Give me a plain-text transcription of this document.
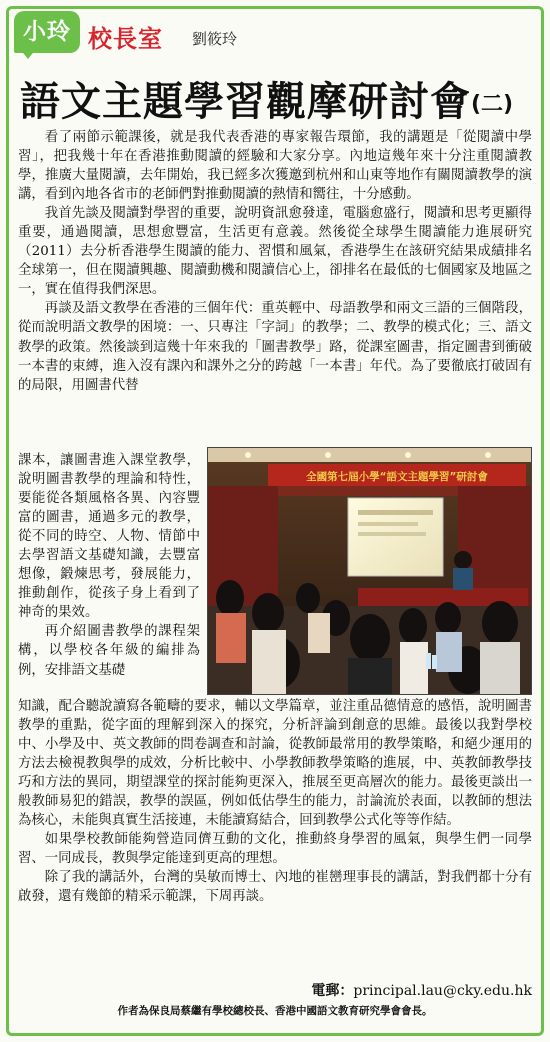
小玲 校長室 劉筱玲
語文主題學習觀摩研討會(二)

看了兩節示範課後，就是我代表香港的專家報告環節，我的講題是「從閱讀中學習」，把我幾十年在香港推動閱讀的經驗和大家分享。內地這幾年來十分注重閱讀教學，推廣大量閱讀，去年開始，我已經多次獲邀到杭州和山東等地作有關閱讀教學的演講，看到內地各省市的老師們對推動閱讀的熱情和嚮往，十分感動。

我首先談及閱讀對學習的重要，說明資訊愈發達，電腦愈盛行，閱讀和思考更顯得重要，通過閱讀，思想愈豐富，生活更有意義。然後從全球學生閱讀能力進展研究（2011）去分析香港學生閱讀的能力、習慣和風氣，香港學生在該研究結果成績排名全球第一，但在閱讀興趣、閱讀動機和閱讀信心上，卻排名在最低的七個國家及地區之一，實在值得我們深思。

再談及語文教學在香港的三個年代：重英輕中、母語教學和兩文三語的三個階段，從而說明語文教學的困境：一、只專注「字詞」的教學；二、教學的模式化；三、語文教學的政策。然後談到這幾十年來我的「圖書教學」路，從課室圖書，指定圖書到衝破一本書的束縛，進入沒有課內和課外之分的跨越「一本書」年代。為了要徹底打破固有的局限，用圖書代替

課本，讓圖書進入課堂教學，說明圖書教學的理論和特性，要能從各類風格各異、內容豐富的圖書，通過多元的教學，從不同的時空、人物、情節中去學習語文基礎知識，去豐富想像，鍛煉思考，發展能力，推動創作，從孩子身上看到了神奇的果效。

再介紹圖書教學的課程架構，以學校各年級的編排為例，安排語文基礎

全國第七屆小學“語文主題學習”研討會

知識，配合聽說讀寫各範疇的要求，輔以文學篇章，並注重品德情意的感悟，說明圖書教學的重點，從字面的理解到深入的探究，分析評論到創意的思維。最後以我對學校中、小學及中、英文教師的問卷調查和討論，從教師最常用的教學策略，和絕少運用的方法去檢視教與學的成效，分析比較中、小學教師教學策略的進展，中、英教師教學技巧和方法的異同，期望課堂的探討能夠更深入，推展至更高層次的能力。最後更談出一般教師易犯的錯誤，教學的誤區，例如低估學生的能力，討論流於表面，以教師的想法為核心，未能與真實生活接連，未能讀寫結合，回到教學公式化等等作結。

如果學校教師能夠營造同儕互動的文化，推動終身學習的風氣，與學生們一同學習、一同成長，教與學定能達到更高的理想。

除了我的講話外，台灣的吳敏而博士、內地的崔巒理事長的講話，對我們都十分有啟發，還有幾節的精采示範課，下周再談。

電郵：principal.lau@cky.edu.hk
作者為保良局蔡繼有學校總校長、香港中國語文教育研究學會會長。
